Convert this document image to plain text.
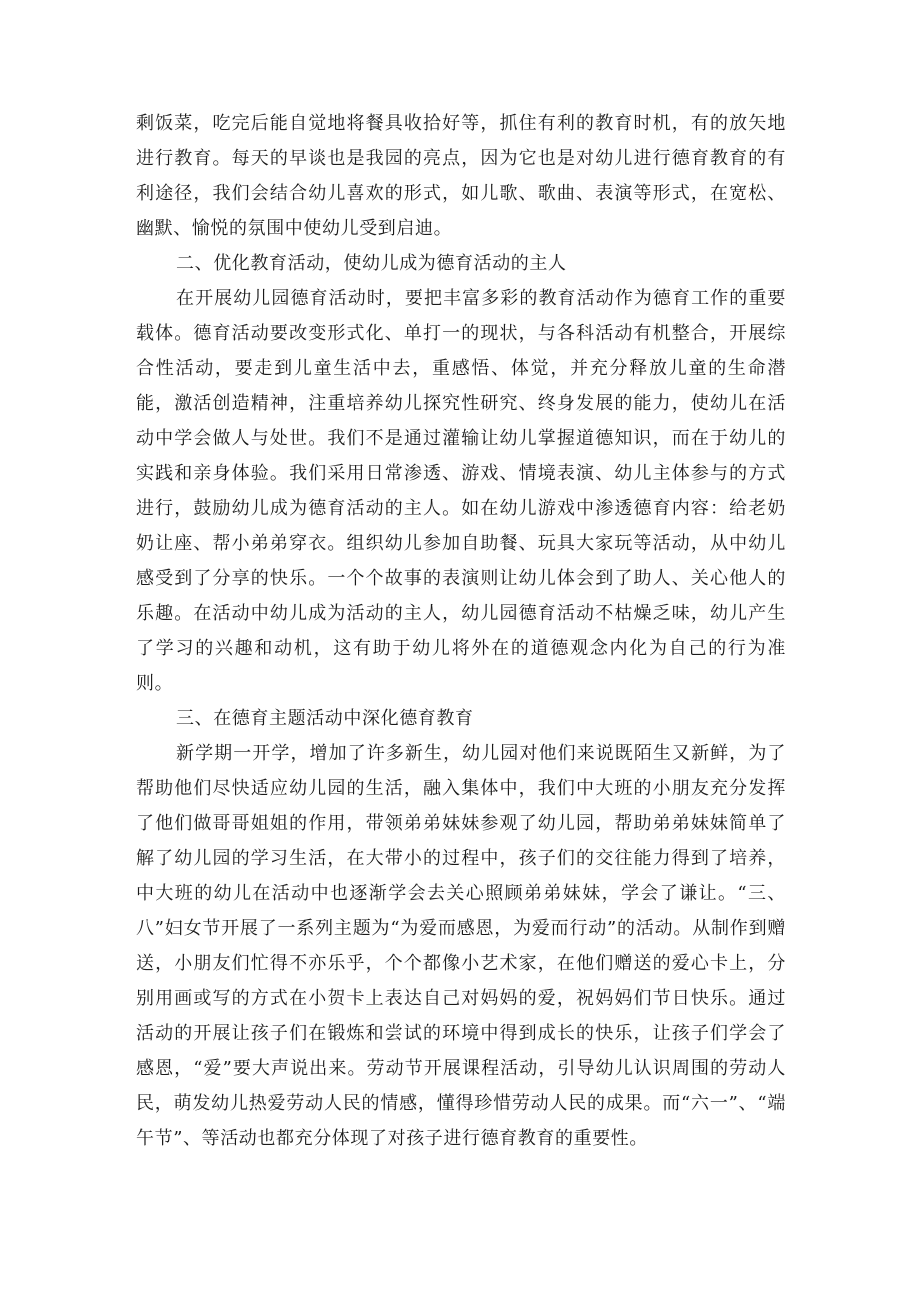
剩饭菜，吃完后能自觉地将餐具收拾好等，抓住有利的教育时机，有的放矢地进行教育。每天的早谈也是我园的亮点，因为它也是对幼儿进行德育教育的有利途径，我们会结合幼儿喜欢的形式，如儿歌、歌曲、表演等形式，在宽松、幽默、愉悦的氛围中使幼儿受到启迪。

二、优化教育活动，使幼儿成为德育活动的主人

在开展幼儿园德育活动时，要把丰富多彩的教育活动作为德育工作的重要载体。德育活动要改变形式化、单打一的现状，与各科活动有机整合，开展综合性活动，要走到儿童生活中去，重感悟、体觉，并充分释放儿童的生命潜能，激活创造精神，注重培养幼儿探究性研究、终身发展的能力，使幼儿在活动中学会做人与处世。我们不是通过灌输让幼儿掌握道德知识，而在于幼儿的实践和亲身体验。我们采用日常渗透、游戏、情境表演、幼儿主体参与的方式进行，鼓励幼儿成为德育活动的主人。如在幼儿游戏中渗透德育内容：给老奶奶让座、帮小弟弟穿衣。组织幼儿参加自助餐、玩具大家玩等活动，从中幼儿感受到了分享的快乐。一个个故事的表演则让幼儿体会到了助人、关心他人的乐趣。在活动中幼儿成为活动的主人，幼儿园德育活动不枯燥乏味，幼儿产生了学习的兴趣和动机，这有助于幼儿将外在的道德观念内化为自己的行为准则。

三、在德育主题活动中深化德育教育

新学期一开学，增加了许多新生，幼儿园对他们来说既陌生又新鲜，为了帮助他们尽快适应幼儿园的生活，融入集体中，我们中大班的小朋友充分发挥了他们做哥哥姐姐的作用，带领弟弟妹妹参观了幼儿园，帮助弟弟妹妹简单了解了幼儿园的学习生活，在大带小的过程中，孩子们的交往能力得到了培养，中大班的幼儿在活动中也逐渐学会去关心照顾弟弟妹妹，学会了谦让。“三、八”妇女节开展了一系列主题为“为爱而感恩，为爱而行动”的活动。从制作到赠送，小朋友们忙得不亦乐乎，个个都像小艺术家，在他们赠送的爱心卡上，分别用画或写的方式在小贺卡上表达自己对妈妈的爱，祝妈妈们节日快乐。通过活动的开展让孩子们在锻炼和尝试的环境中得到成长的快乐，让孩子们学会了感恩，“爱”要大声说出来。劳动节开展课程活动，引导幼儿认识周围的劳动人民，萌发幼儿热爱劳动人民的情感，懂得珍惜劳动人民的成果。而“六一”、“端午节”、等活动也都充分体现了对孩子进行德育教育的重要性。
